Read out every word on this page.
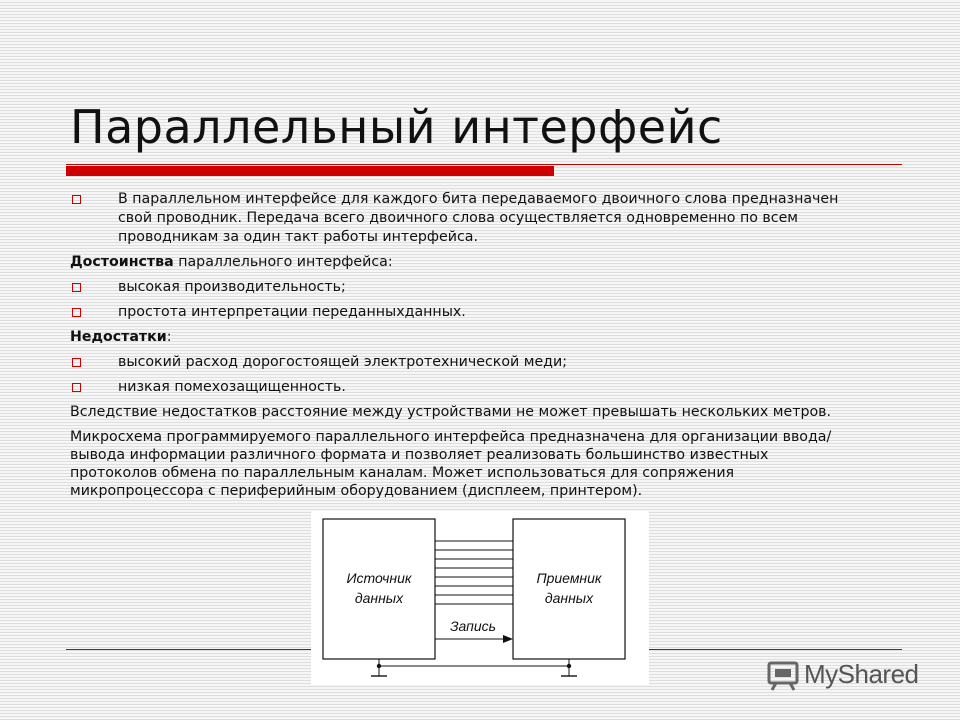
Параллельный интерфейс
В параллельном интерфейсе для каждого бита передаваемого двоичного слова предназначен свой проводник. Передача всего двоичного слова осуществляется одновременно по всем проводникам за один такт работы интерфейса.
Достоинства параллельного интерфейса:
высокая производительность;
простота интерпретации переданныхданных.
Недостатки:
высокий расход дорогостоящей электротехнической меди;
низкая помехозащищенность.
Вследствие недостатков расстояние между устройствами не может превышать нескольких метров.
Микросхема программируемого параллельного интерфейса предназначена для организации ввода/ вывода информации различного формата и позволяет реализовать большинство известных протоколов обмена по параллельным каналам. Может использоваться для сопряжения микропроцессора с периферийным оборудованием (дисплеем, принтером).
Источник
данных
Приемник
данных
Запись
MyShared
